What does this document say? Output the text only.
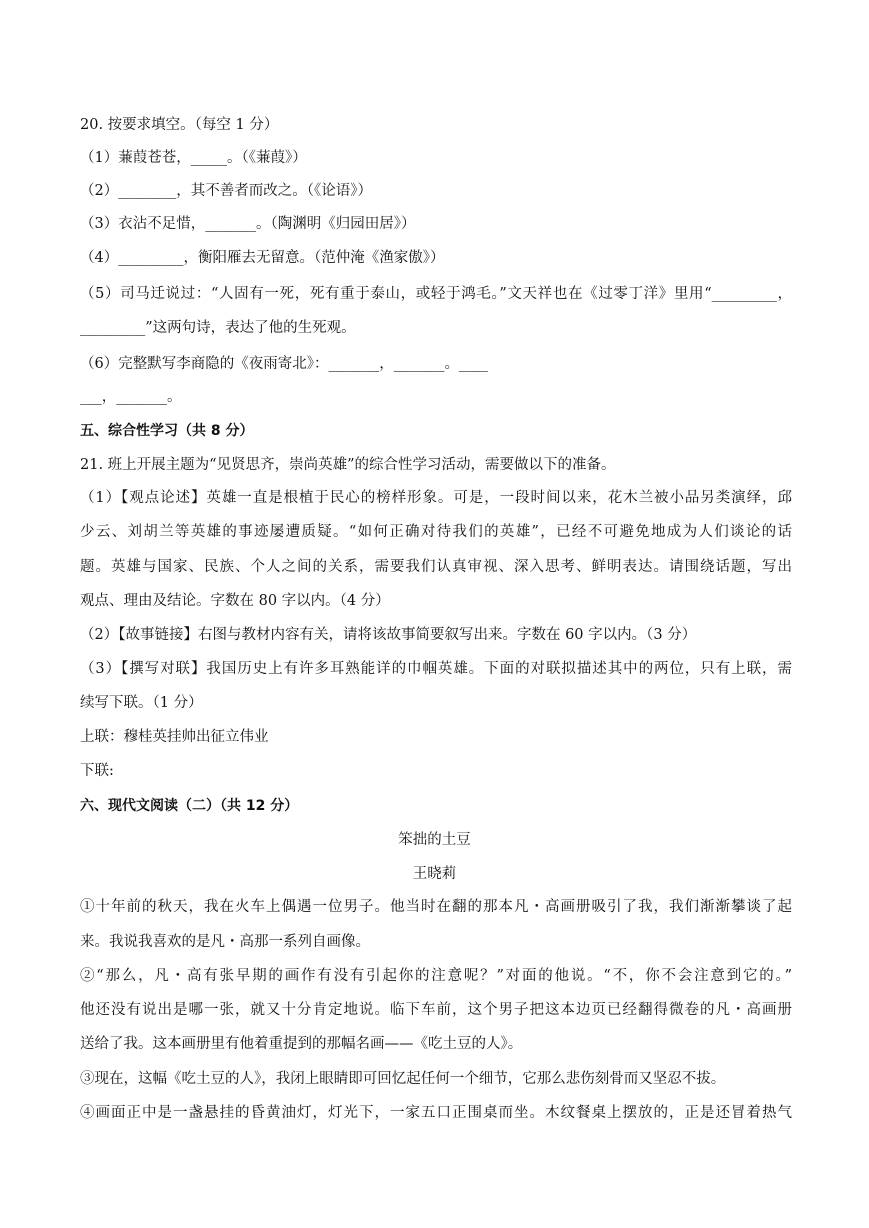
20. 按要求填空。（每空 1 分）
（1）蒹葭苍苍，_____。（《蒹葭》）
（2）________，其不善者而改之。（《论语》）
（3）衣沾不足惜，_______。（陶渊明《归园田居》）
（4）_________，衡阳雁去无留意。（范仲淹《渔家傲》）
（5）司马迁说过：“人固有一死，死有重于泰山，或轻于鸿毛。”文天祥也在《过零丁洋》里用“_________，
_________”这两句诗，表达了他的生死观。
（6）完整默写李商隐的《夜雨寄北》：_______，_______。____
___，_______。
五、综合性学习（共 8 分）
21. 班上开展主题为“见贤思齐，崇尚英雄”的综合性学习活动，需要做以下的准备。
（1）【观点论述】英雄一直是根植于民心的榜样形象。可是，一段时间以来，花木兰被小品另类演绎，邱
少云、刘胡兰等英雄的事迹屡遭质疑。“如何正确对待我们的英雄”，已经不可避免地成为人们谈论的话
题。英雄与国家、民族、个人之间的关系，需要我们认真审视、深入思考、鲜明表达。请围绕话题，写出
观点、理由及结论。字数在 80 字以内。（4 分）
（2）【故事链接】右图与教材内容有关，请将该故事简要叙写出来。字数在 60 字以内。（3 分）
（3）【撰写对联】我国历史上有许多耳熟能详的巾帼英雄。下面的对联拟描述其中的两位，只有上联，需
续写下联。（1 分）
上联：穆桂英挂帅出征立伟业
下联:
六、现代文阅读（二）（共 12 分）
笨拙的土豆
王晓莉
①十年前的秋天，我在火车上偶遇一位男子。他当时在翻的那本凡・高画册吸引了我，我们渐渐攀谈了起
来。我说我喜欢的是凡・高那一系列自画像。
②“那么，凡・高有张早期的画作有没有引起你的注意呢？”对面的他说。“不，你不会注意到它的。”
他还没有说出是哪一张，就又十分肯定地说。临下车前，这个男子把这本边页已经翻得微卷的凡・高画册
送给了我。这本画册里有他着重提到的那幅名画——《吃土豆的人》。
③现在，这幅《吃土豆的人》，我闭上眼睛即可回忆起任何一个细节，它那么悲伤刻骨而又坚忍不拔。
④画面正中是一盏悬挂的昏黄油灯，灯光下，一家五口正围桌而坐。木纹餐桌上摆放的，正是还冒着热气
